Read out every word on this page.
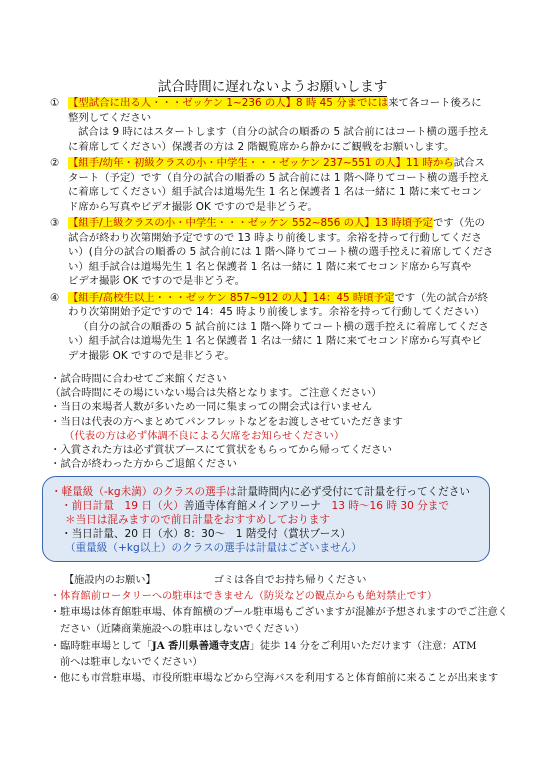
試合時間に遅れないようお願いします
① 【型試合に出る人・・・ゼッケン 1~236 の人】8 時 45 分までには来て各コート後ろに
整列してください
試合は 9 時にはスタートします（自分の試合の順番の 5 試合前にはコート横の選手控え
に着席してください）保護者の方は 2 階観覧席から静かにご観戦をお願いします。
② 【組手/幼年・初級クラスの小・中学生・・・ゼッケン 237~551 の人】11 時から試合ス
タート（予定）です（自分の試合の順番の 5 試合前には 1 階へ降りてコート横の選手控え
に着席してください）組手試合は道場先生 1 名と保護者 1 名は一緒に 1 階に来てセコン
ド席から写真やビデオ撮影 OK ですので是非どうぞ。
③ 【組手/上級クラスの小・中学生・・・ゼッケン 552~856 の人】13 時頃予定です（先の
試合が終わり次第開始予定ですので 13 時より前後します。余裕を持って行動してくださ
い）(自分の試合の順番の 5 試合前には 1 階へ降りてコート横の選手控えに着席してくださ
い）組手試合は道場先生 1 名と保護者 1 名は一緒に 1 階に来てセコンド席から写真や
ビデオ撮影 OK ですので是非どうぞ。
④ 【組手/高校生以上・・・ゼッケン 857~912 の人】14：45 時頃予定です（先の試合が終
わり次第開始予定ですので 14：45 時より前後します。余裕を持って行動してください）
（自分の試合の順番の 5 試合前には 1 階へ降りてコート横の選手控えに着席してくださ
い）組手試合は道場先生 1 名と保護者 1 名は一緒に 1 階に来てセコンド席から写真やビ
デオ撮影 OK ですので是非どうぞ。
・試合時間に合わせてご来館ください
（試合時間にその場にいない場合は失格となります。ご注意ください）
・当日の来場者人数が多いため一同に集まっての開会式は行いません
・当日は代表の方へまとめてパンフレットなどをお渡しさせていただきます
（代表の方は必ず体調不良による欠席をお知らせください）
・入賞された方は必ず賞状ブースにて賞状をもらってから帰ってください
・試合が終わった方からご退館ください
・軽量級（-kg未満）のクラスの選手は計量時間内に必ず受付にて計量を行ってください
・前日計量　19 日（火）善通寺体育館メインアリーナ　13 時～16 時 30 分まで
＊当日は混みますので前日計量をおすすめしております
・当日計量、20 日（水）8：30～　1 階受付（賞状ブース）
（重量級（+kg以上）のクラスの選手は計量はございません）
【施設内のお願い】	ゴミは各自でお持ち帰りください
・体育館前ロータリーへの駐車はできません（防災などの観点からも絶対禁止です）
・駐車場は体育館駐車場、体育館横のプール駐車場もございますが混雑が予想されますのでご注意く
ださい（近隣商業施設への駐車はしないでください）
・臨時駐車場として「JA 香川県善通寺支店」徒歩 14 分をご利用いただけます（注意：ATM
前へは駐車しないでください）
・他にも市営駐車場、市役所駐車場などから空海バスを利用すると体育館前に来ることが出来ます
